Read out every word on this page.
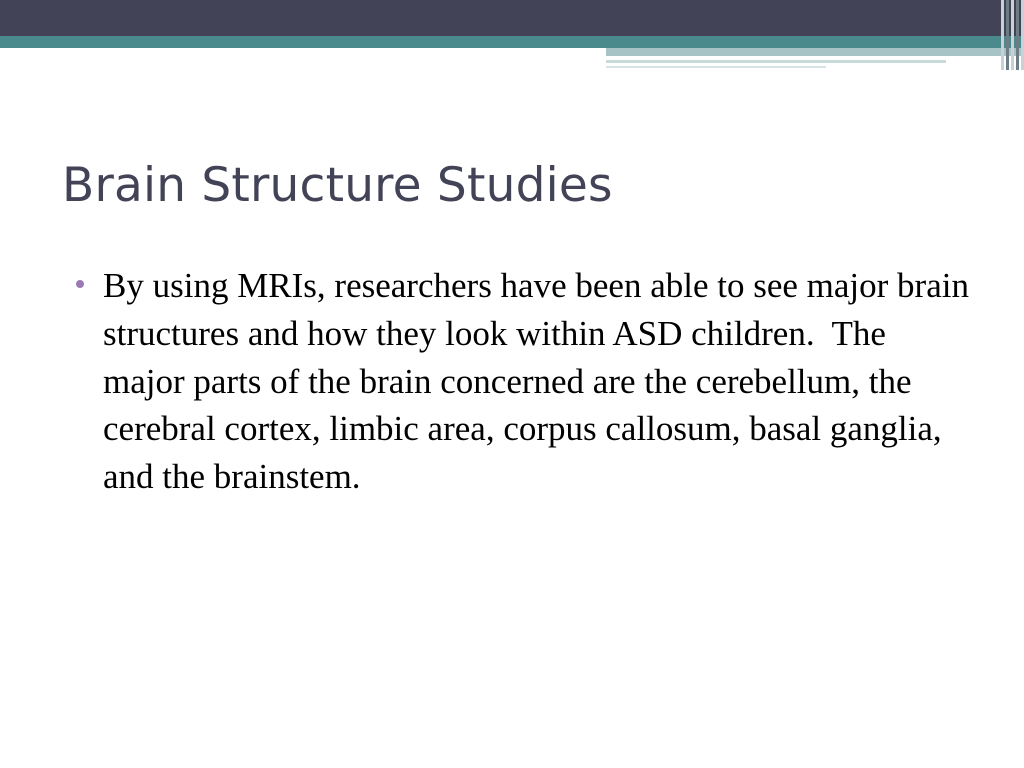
Brain Structure Studies
By using MRIs, researchers have been able to see major brain structures and how they look within ASD children.  The major parts of the brain concerned are the cerebellum, the cerebral cortex, limbic area, corpus callosum, basal ganglia, and the brainstem.
